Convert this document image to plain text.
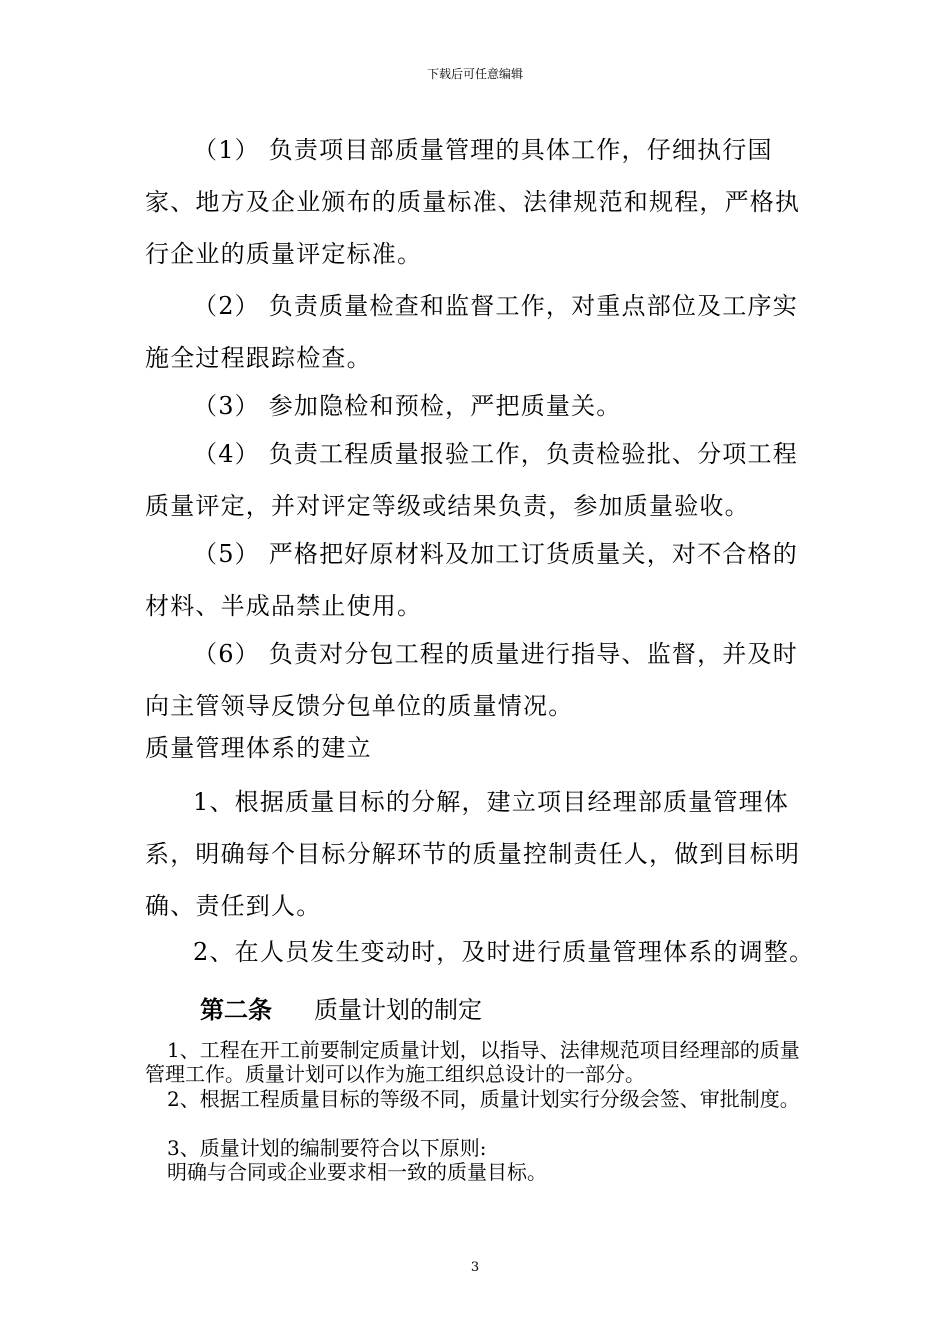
下载后可任意编辑

（1） 负责项目部质量管理的具体工作，仔细执行国家、地方及企业颁布的质量标准、法律规范和规程，严格执行企业的质量评定标准。

（2） 负责质量检查和监督工作，对重点部位及工序实施全过程跟踪检查。

（3） 参加隐检和预检，严把质量关。

（4） 负责工程质量报验工作，负责检验批、分项工程质量评定，并对评定等级或结果负责，参加质量验收。

（5） 严格把好原材料及加工订货质量关，对不合格的材料、半成品禁止使用。

（6） 负责对分包工程的质量进行指导、监督，并及时向主管领导反馈分包单位的质量情况。

质量管理体系的建立

1、根据质量目标的分解，建立项目经理部质量管理体系，明确每个目标分解环节的质量控制责任人，做到目标明确、责任到人。

2、在人员发生变动时，及时进行质量管理体系的调整。

第二条 质量计划的制定

1、工程在开工前要制定质量计划，以指导、法律规范项目经理部的质量管理工作。质量计划可以作为施工组织总设计的一部分。

2、根据工程质量目标的等级不同，质量计划实行分级会签、审批制度。

3、质量计划的编制要符合以下原则:

明确与合同或企业要求相一致的质量目标。

3
